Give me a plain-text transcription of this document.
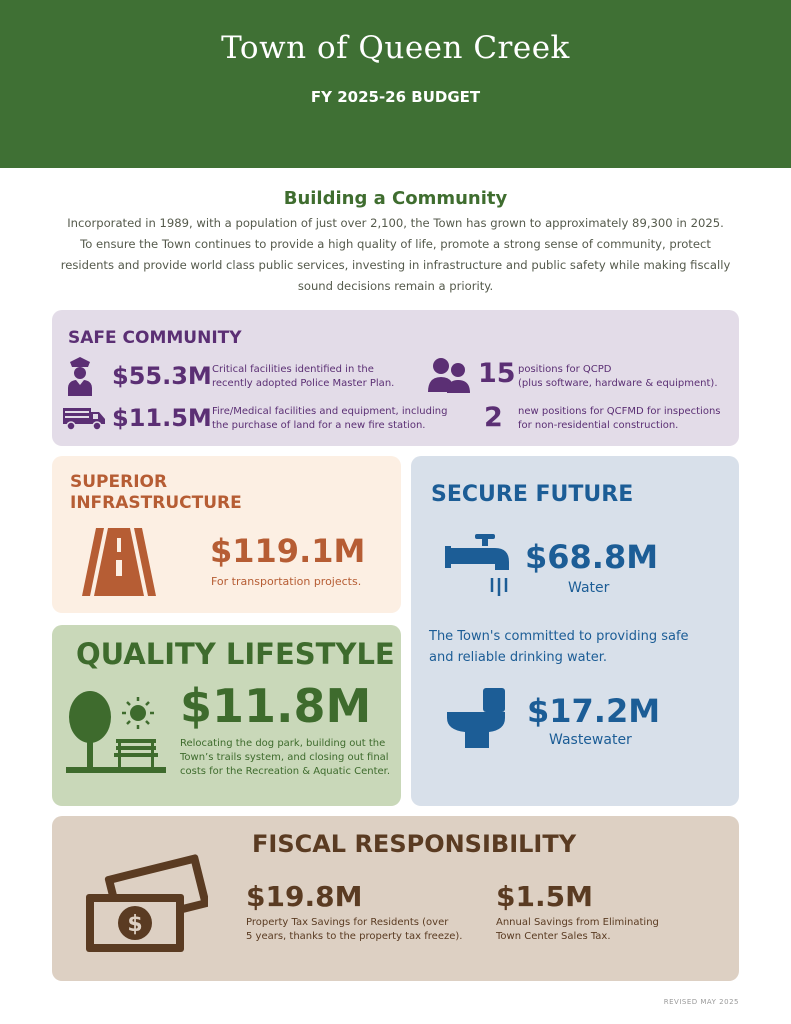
Town of Queen Creek
FY 2025-26 BUDGET
Building a Community
Incorporated in 1989, with a population of just over 2,100, the Town has grown to approximately 89,300 in 2025. To ensure the Town continues to provide a high quality of life, promote a strong sense of community, protect residents and provide world class public services, investing in infrastructure and public safety while making fiscally sound decisions remain a priority.
SAFE COMMUNITY
$55.3M Critical facilities identified in the
recently adopted Police Master Plan.
$11.5M Fire/Medical facilities and equipment, including
the purchase of land for a new fire station.
15 positions for QCPD
(plus software, hardware & equipment).
2 new positions for QCFMD for inspections
for non-residential construction.
SUPERIOR
INFRASTRUCTURE
$119.1M
For transportation projects.
QUALITY LIFESTYLE
$11.8M
Relocating the dog park, building out the
Town’s trails system, and closing out final
costs for the Recreation & Aquatic Center.
SECURE FUTURE
$68.8M
Water
The Town's committed to providing safe
and reliable drinking water.
$17.2M
Wastewater
FISCAL RESPONSIBILITY
$
$19.8M
Property Tax Savings for Residents (over
5 years, thanks to the property tax freeze).
$1.5M
Annual Savings from Eliminating
Town Center Sales Tax.
REVISED MAY 2025
